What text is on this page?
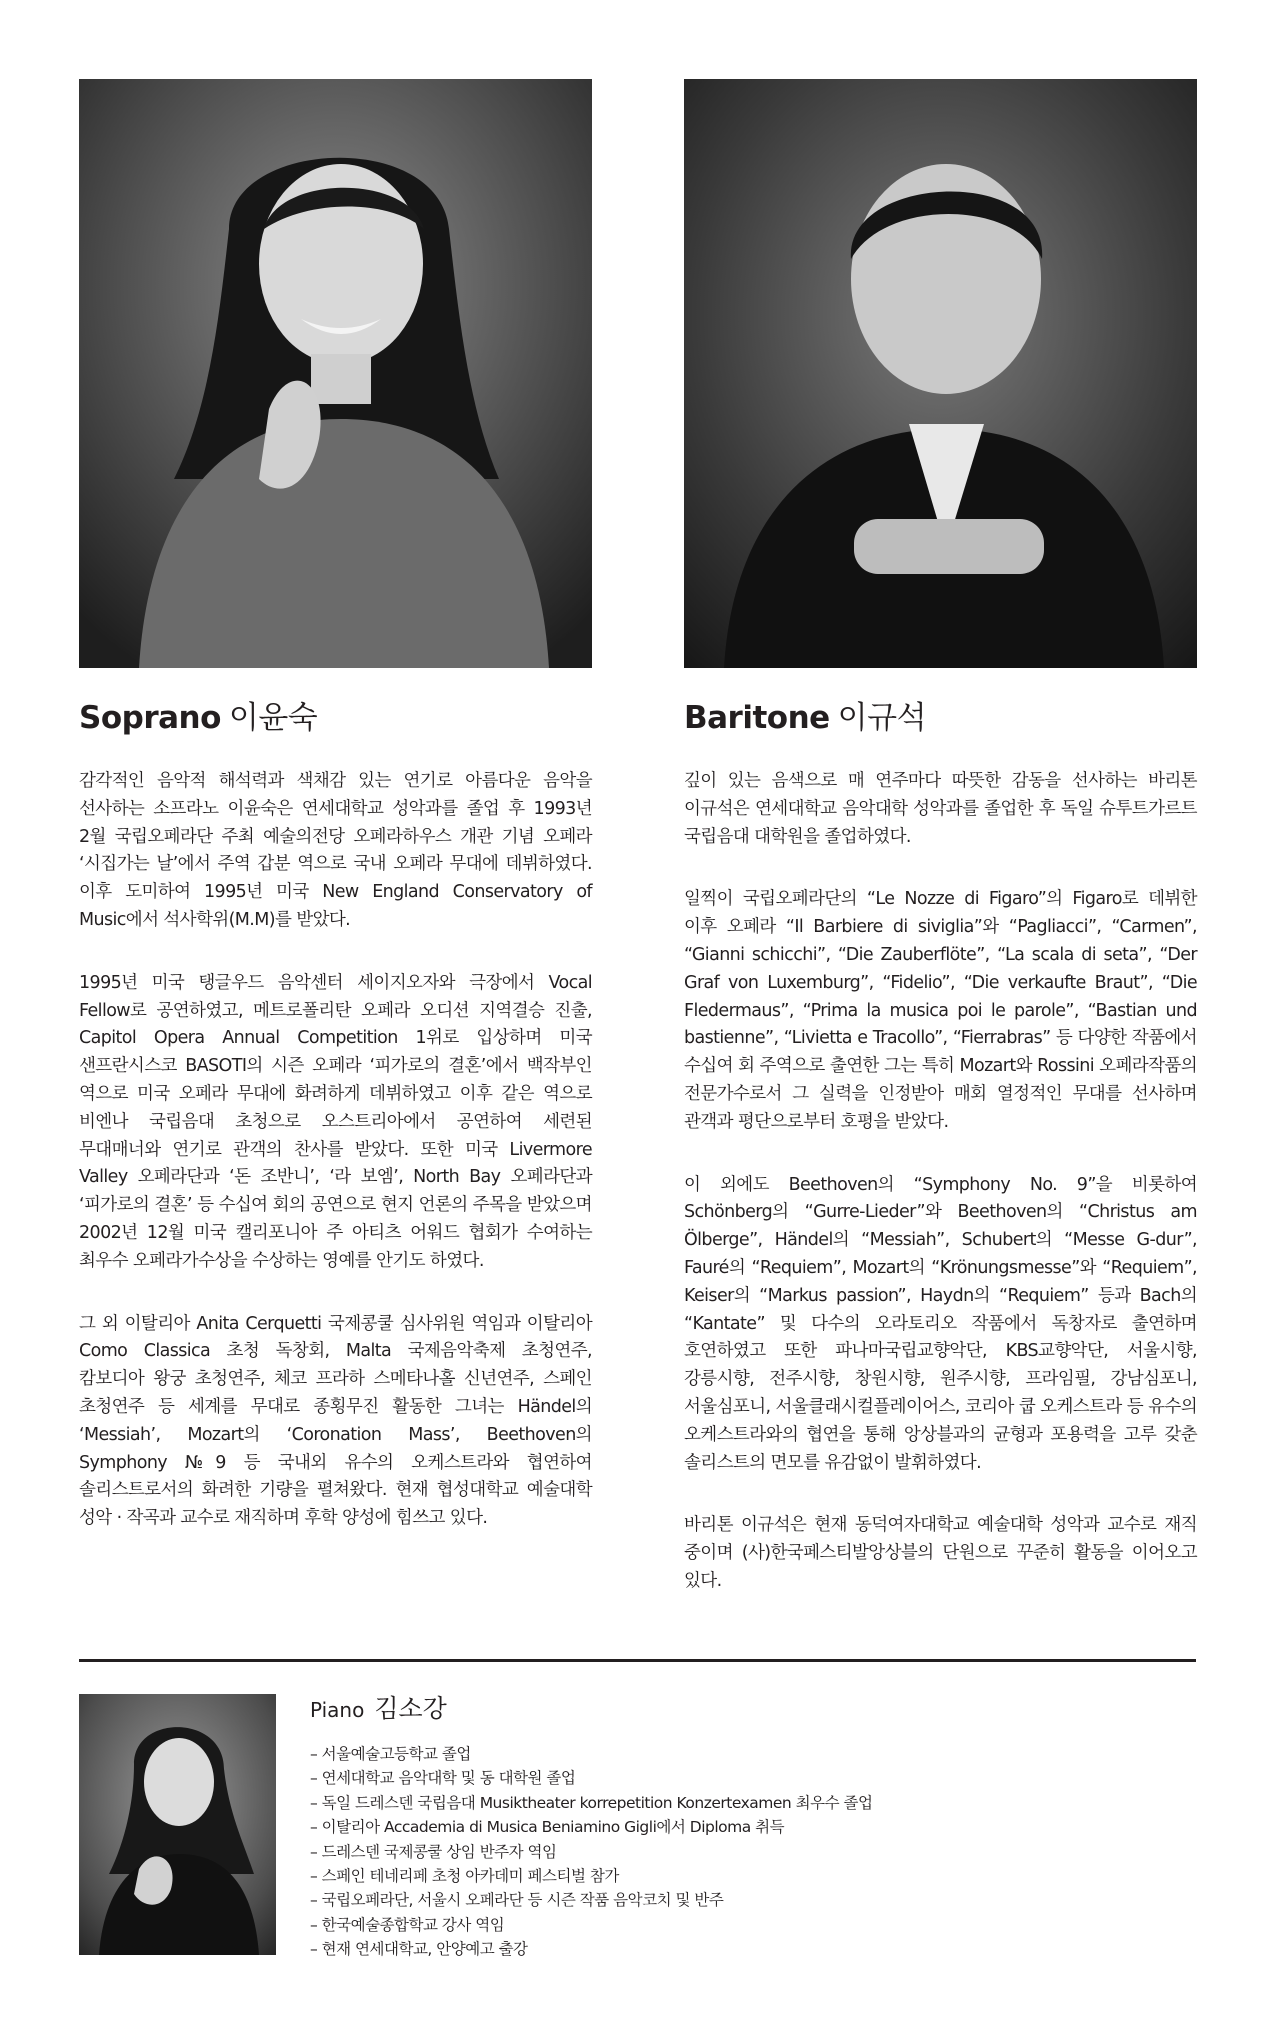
Soprano 이윤숙

감각적인 음악적 해석력과 색채감 있는 연기로 아름다운 음악을 선사하는 소프라노 이윤숙은 연세대학교 성악과를 졸업 후 1993년 2월 국립오페라단 주최 예술의전당 오페라하우스 개관 기념 오페라 ‘시집가는 날’에서 주역 갑분 역으로 국내 오페라 무대에 데뷔하였다. 이후 도미하여 1995년 미국 New England Conservatory of Music에서 석사학위(M.M)를 받았다.

1995년 미국 탱글우드 음악센터 세이지오자와 극장에서 Vocal Fellow로 공연하였고, 메트로폴리탄 오페라 오디션 지역결승 진출, Capitol Opera Annual Competition 1위로 입상하며 미국 샌프란시스코 BASOTI의 시즌 오페라 ‘피가로의 결혼’에서 백작부인 역으로 미국 오페라 무대에 화려하게 데뷔하였고 이후 같은 역으로 비엔나 국립음대 초청으로 오스트리아에서 공연하여 세련된 무대매너와 연기로 관객의 찬사를 받았다. 또한 미국 Livermore Valley 오페라단과 ‘돈 조반니’, ‘라 보엠’, North Bay 오페라단과 ‘피가로의 결혼’ 등 수십여 회의 공연으로 현지 언론의 주목을 받았으며 2002년 12월 미국 캘리포니아 주 아티츠 어워드 협회가 수여하는 최우수 오페라가수상을 수상하는 영예를 안기도 하였다.

그 외 이탈리아 Anita Cerquetti 국제콩쿨 심사위원 역임과 이탈리아 Como Classica 초청 독창회, Malta 국제음악축제 초청연주, 캄보디아 왕궁 초청연주, 체코 프라하 스메타나홀 신년연주, 스페인 초청연주 등 세계를 무대로 종횡무진 활동한 그녀는 Händel의 ‘Messiah’, Mozart의 ‘Coronation Mass’, Beethoven의 Symphony №9 등 국내외 유수의 오케스트라와 협연하여 솔리스트로서의 화려한 기량을 펼쳐왔다. 현재 협성대학교 예술대학 성악 · 작곡과 교수로 재직하며 후학 양성에 힘쓰고 있다.

Baritone 이규석

깊이 있는 음색으로 매 연주마다 따뜻한 감동을 선사하는 바리톤 이규석은 연세대학교 음악대학 성악과를 졸업한 후 독일 슈투트가르트 국립음대 대학원을 졸업하였다.

일찍이 국립오페라단의 “Le Nozze di Figaro”의 Figaro로 데뷔한 이후 오페라 “Il Barbiere di siviglia”와 “Pagliacci”, “Carmen”, “Gianni schicchi”, “Die Zauberflöte”, “La scala di seta”, “Der Graf von Luxemburg”, “Fidelio”, “Die verkaufte Braut”, “Die Fledermaus”, “Prima la musica poi le parole”, “Bastian und bastienne”, “Livietta e Tracollo”, “Fierrabras” 등 다양한 작품에서 수십여 회 주역으로 출연한 그는 특히 Mozart와 Rossini 오페라작품의 전문가수로서 그 실력을 인정받아 매회 열정적인 무대를 선사하며 관객과 평단으로부터 호평을 받았다.

이 외에도 Beethoven의 “Symphony No. 9”을 비롯하여 Schönberg의 “Gurre-Lieder”와 Beethoven의 “Christus am Ölberge”, Händel의 “Messiah”, Schubert의 “Messe G-dur”, Fauré의 “Requiem”, Mozart의 “Krönungsmesse”와 “Requiem”, Keiser의 “Markus passion”, Haydn의 “Requiem” 등과 Bach의 “Kantate” 및 다수의 오라토리오 작품에서 독창자로 출연하며 호연하였고 또한 파나마국립교향악단, KBS교향악단, 서울시향, 강릉시향, 전주시향, 창원시향, 원주시향, 프라임필, 강남심포니, 서울심포니, 서울클래시컬플레이어스, 코리아 쿱 오케스트라 등 유수의 오케스트라와의 협연을 통해 앙상블과의 균형과 포용력을 고루 갖춘 솔리스트의 면모를 유감없이 발휘하였다.

바리톤 이규석은 현재 동덕여자대학교 예술대학 성악과 교수로 재직 중이며 (사)한국페스티발앙상블의 단원으로 꾸준히 활동을 이어오고 있다.

Piano 김소강
– 서울예술고등학교 졸업
– 연세대학교 음악대학 및 동 대학원 졸업
– 독일 드레스덴 국립음대 Musiktheater korrepetition Konzertexamen 최우수 졸업
– 이탈리아 Accademia di Musica Beniamino Gigli에서 Diploma 취득
– 드레스덴 국제콩쿨 상임 반주자 역임
– 스페인 테네리페 초청 아카데미 페스티벌 참가
– 국립오페라단, 서울시 오페라단 등 시즌 작품 음악코치 및 반주
– 한국예술종합학교 강사 역임
– 현재 연세대학교, 안양예고 출강
